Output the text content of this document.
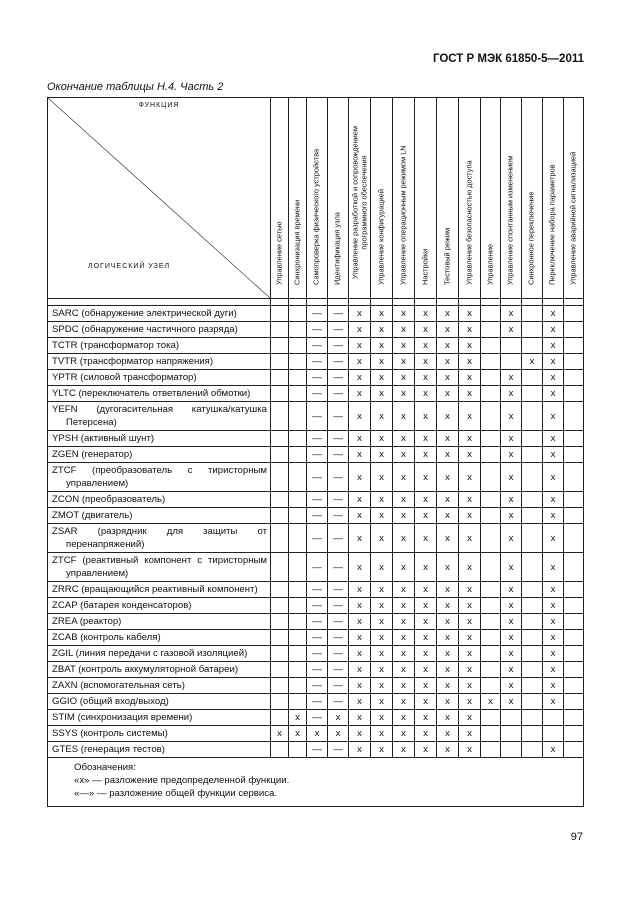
ГОСТ Р МЭК 61850-5—2011
Окончание таблицы Н.4. Часть 2
ФУНКЦИЯ
ЛОГИЧЕСКИЙ УЗЕЛ	Управление сетью	Синхронизация времени	Самопроверка физического устройства	Идентификация узла	Управление разработкой и сопровождением
программного обеспечения	Управление конфигурацией	Управление операционным режимом LN	Настройки	Тестовый режим	Управление безопасностью доступа	Управление	Управление спонтанным изменением	Синхронное переключение	Переключение набора параметров	Управление аварийной сигнализацией

SARC (обнаружение электрической дуги)			—	—	x	x	x	x	x	x		x		x	
SPDC (обнаружение частичного разряда)			—	—	x	x	x	x	x	x		x		x	
TCTR (трансформатор тока)			—	—	x	x	x	x	x	x				x	
TVTR (трансформатор напряжения)			—	—	x	x	x	x	x	x			x	x	
YPTR (силовой трансформатор)			—	—	x	x	x	x	x	x		x		x	
YLTC (переключатель ответвлений обмотки)			—	—	x	x	x	x	x	x		x		x	
YEFN (дугогасительная катушка/катушка Петерсена)			—	—	x	x	x	x	x	x		x		x	
YPSH (активный шунт)			—	—	x	x	x	x	x	x		x		x	
ZGEN (генератор)			—	—	x	x	x	x	x	x		x		x	
ZTCF (преобразователь с тиристорным управлением)			—	—	x	x	x	x	x	x		x		x	
ZCON (преобразователь)			—	—	x	x	x	x	x	x		x		x	
ZMOT (двигатель)			—	—	x	x	x	x	x	x		x		x	
ZSAR (разрядник для защиты от перенапряжений)			—	—	x	x	x	x	x	x		x		x	
ZTCF (реактивный компонент с тиристорным управлением)			—	—	x	x	x	x	x	x		x		x	
ZRRC (вращающийся реактивный компонент)			—	—	x	x	x	x	x	x		x		x	
ZCAP (батарея конденсаторов)			—	—	x	x	x	x	x	x		x		x	
ZREA (реактор)			—	—	x	x	x	x	x	x		x		x	
ZCAB (контроль кабеля)			—	—	x	x	x	x	x	x		x		x	
ZGIL (линия передачи с газовой изоляцией)			—	—	x	x	x	x	x	x		x		x	
ZBAT (контроль аккумуляторной батареи)			—	—	x	x	x	x	x	x		x		x	
ZAXN (вспомогательная сеть)			—	—	x	x	x	x	x	x		x		x	
GGIO (общий вход/выход)			—	—	x	x	x	x	x	x	x	x		x	
STIM (синхронизация времени)		x	—	x	x	x	x	x	x	x					
SSYS (контроль системы)	x	x	x	x	x	x	x	x	x	x					
GTES (генерация тестов)			—	—	x	x	x	x	x	x				x	

Обозначения:
«x» — разложение предопределенной функции.
«—» — разложение общей функции сервиса.															
97
